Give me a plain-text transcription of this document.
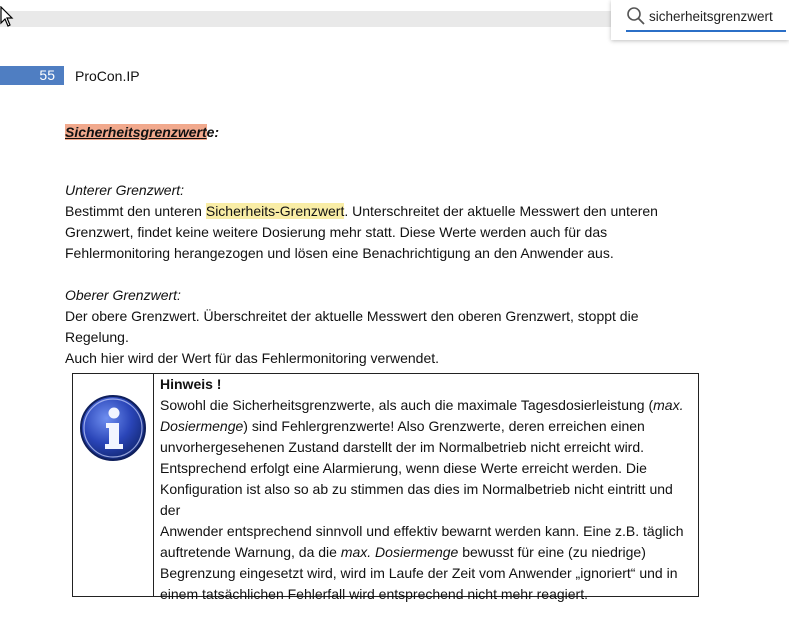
sicherheitsgrenzwert
55 ProCon.IP
Sicherheitsgrenzwerte:
Unterer Grenzwert:
Bestimmt den unteren Sicherheits-Grenzwert. Unterschreitet der aktuelle Messwert den unteren
Grenzwert, findet keine weitere Dosierung mehr statt. Diese Werte werden auch für das
Fehlermonitoring herangezogen und lösen eine Benachrichtigung an den Anwender aus.
Oberer Grenzwert:
Der obere Grenzwert. Überschreitet der aktuelle Messwert den oberen Grenzwert, stoppt die Regelung.
Auch hier wird der Wert für das Fehlermonitoring verwendet.
Hinweis !
Sowohl die Sicherheitsgrenzwerte, als auch die maximale Tagesdosierleistung (max.
Dosiermenge) sind Fehlergrenzwerte! Also Grenzwerte, deren erreichen einen
unvorhergesehenen Zustand darstellt der im Normalbetrieb nicht erreicht wird.
Entsprechend erfolgt eine Alarmierung, wenn diese Werte erreicht werden. Die
Konfiguration ist also so ab zu stimmen das dies im Normalbetrieb nicht eintritt und der
Anwender entsprechend sinnvoll und effektiv bewarnt werden kann. Eine z.B. täglich
auftretende Warnung, da die max. Dosiermenge bewusst für eine (zu niedrige)
Begrenzung eingesetzt wird, wird im Laufe der Zeit vom Anwender „ignoriert“ und in
einem tatsächlichen Fehlerfall wird entsprechend nicht mehr reagiert.
